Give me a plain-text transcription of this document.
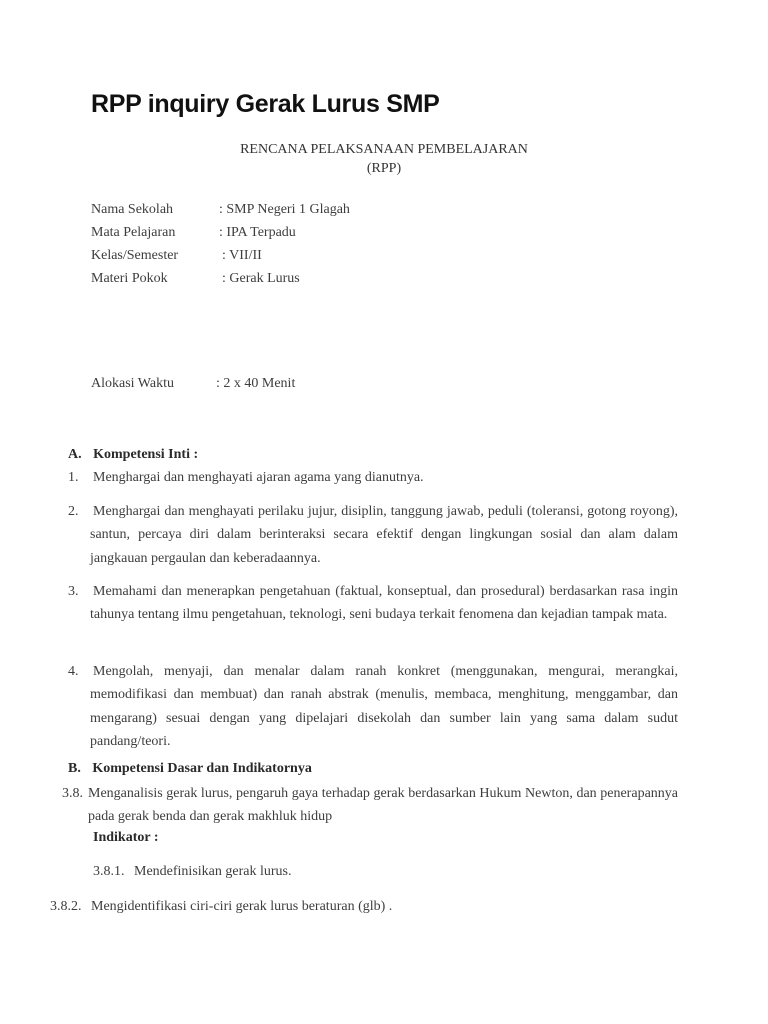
RPP inquiry Gerak Lurus SMP
RENCANA PELAKSANAAN PEMBELAJARAN
(RPP)
Nama Sekolah	: SMP Negeri 1 Glagah
Mata Pelajaran	: IPA Terpadu
Kelas/Semester	: VII/II
Materi Pokok	: Gerak Lurus
Alokasi Waktu	: 2 x 40 Menit
A. Kompetensi Inti :
1. Menghargai dan menghayati ajaran agama yang dianutnya.
2. Menghargai dan menghayati perilaku jujur, disiplin, tanggung jawab, peduli (toleransi, gotong royong), santun, percaya diri dalam berinteraksi secara efektif dengan lingkungan sosial dan alam dalam jangkauan pergaulan dan keberadaannya.
3. Memahami dan menerapkan pengetahuan (faktual, konseptual, dan prosedural) berdasarkan rasa ingin tahunya tentang ilmu pengetahuan, teknologi, seni budaya terkait fenomena dan kejadian tampak mata.
4. Mengolah, menyaji, dan menalar dalam ranah konkret (menggunakan, mengurai, merangkai, memodifikasi dan membuat) dan ranah abstrak (menulis, membaca, menghitung, menggambar, dan mengarang) sesuai dengan yang dipelajari disekolah dan sumber lain yang sama dalam sudut pandang/teori.
B. Kompetensi Dasar dan Indikatornya
3.8. Menganalisis gerak lurus, pengaruh gaya terhadap gerak berdasarkan Hukum Newton, dan penerapannya pada gerak benda dan gerak makhluk hidup
Indikator :
3.8.1. Mendefinisikan gerak lurus.
3.8.2. Mengidentifikasi ciri-ciri gerak lurus beraturan (glb) .
